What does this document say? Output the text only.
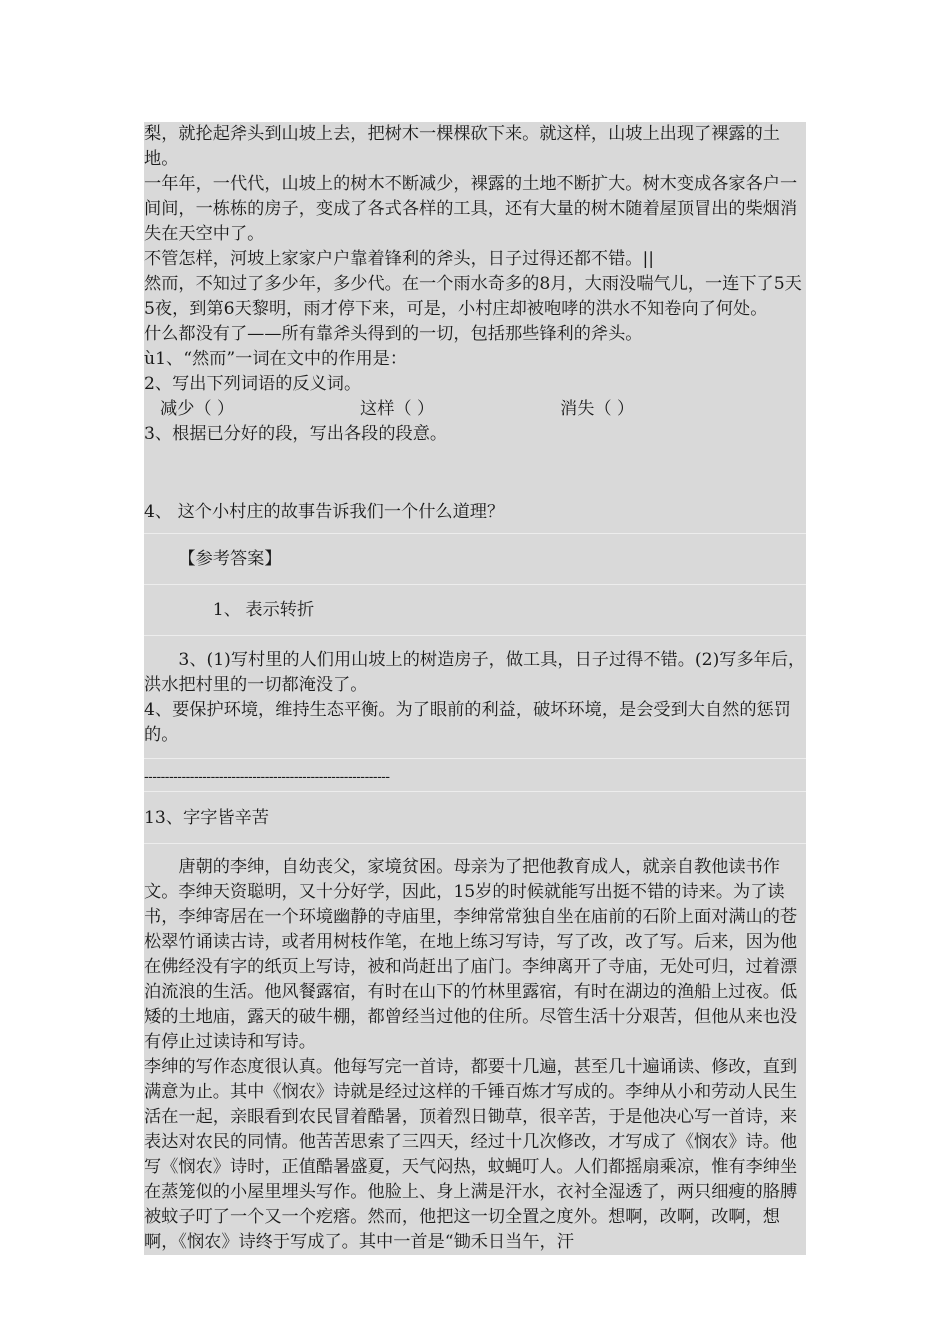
梨，就抡起斧头到山坡上去，把树木一棵棵砍下来。就这样，山坡上出现了裸露的土地。

一年年，一代代，山坡上的树木不断减少，裸露的土地不断扩大。树木变成各家各户一间间，一栋栋的房子，变成了各式各样的工具，还有大量的树木随着屋顶冒出的柴烟消失在天空中了。

不管怎样，河坡上家家户户靠着锋利的斧头，日子过得还都不错。||

然而，不知过了多少年，多少代。在一个雨水奇多的8月，大雨没喘气儿，一连下了5天5夜，到第6天黎明，雨才停下来，可是，小村庄却被咆哮的洪水不知卷向了何处。

什么都没有了——所有靠斧头得到的一切，包括那些锋利的斧头。

ù1、“然而”一词在文中的作用是：

2、写出下列词语的反义词。

减少（ ）	这样（ ）	消失（ ）

3、根据已分好的段，写出各段的段意。

4、 这个小村庄的故事告诉我们一个什么道理？

【参考答案】

1、 表示转折

3、(1)写村里的人们用山坡上的树造房子，做工具，日子过得不错。(2)写多年后，洪水把村里的一切都淹没了。

4、要保护环境，维持生态平衡。为了眼前的利益，破坏环境，是会受到大自然的惩罚的。

-----------------------------------------------------------

13、字字皆辛苦

唐朝的李绅，自幼丧父，家境贫困。母亲为了把他教育成人，就亲自教他读书作文。李绅天资聪明，又十分好学，因此，15岁的时候就能写出挺不错的诗来。为了读书，李绅寄居在一个环境幽静的寺庙里，李绅常常独自坐在庙前的石阶上面对满山的苍松翠竹诵读古诗，或者用树枝作笔，在地上练习写诗，写了改，改了写。后来，因为他在佛经没有字的纸页上写诗，被和尚赶出了庙门。李绅离开了寺庙，无处可归，过着漂泊流浪的生活。他风餐露宿，有时在山下的竹林里露宿，有时在湖边的渔船上过夜。低矮的土地庙，露天的破牛棚，都曾经当过他的住所。尽管生活十分艰苦，但他从来也没有停止过读诗和写诗。

李绅的写作态度很认真。他每写完一首诗，都要十几遍，甚至几十遍诵读、修改，直到满意为止。其中《悯农》诗就是经过这样的千锤百炼才写成的。李绅从小和劳动人民生活在一起，亲眼看到农民冒着酷暑，顶着烈日锄草，很辛苦，于是他决心写一首诗，来表达对农民的同情。他苦苦思索了三四天，经过十几次修改，才写成了《悯农》诗。他写《悯农》诗时，正值酷暑盛夏，天气闷热，蚊蝇叮人。人们都摇扇乘凉，惟有李绅坐在蒸笼似的小屋里埋头写作。他脸上、身上满是汗水，衣衬全湿透了，两只细瘦的胳膊被蚊子叮了一个又一个疙瘩。然而，他把这一切全置之度外。想啊，改啊，改啊，想啊，《悯农》诗终于写成了。其中一首是“锄禾日当午，汗
